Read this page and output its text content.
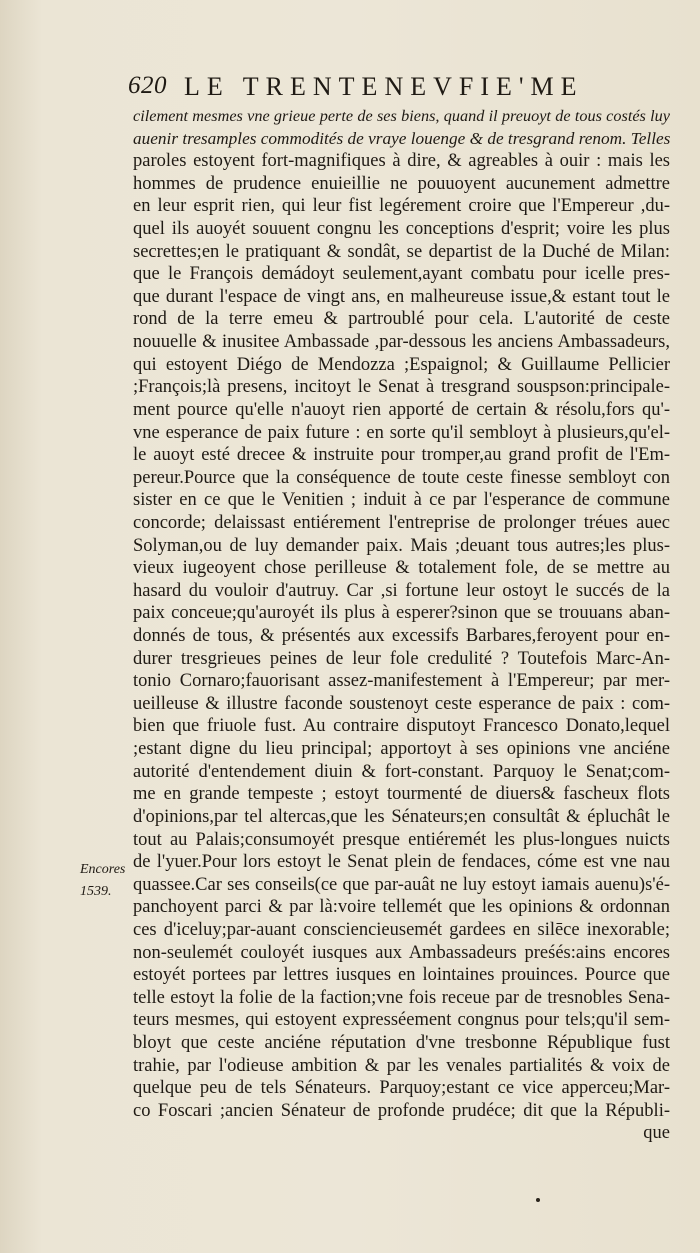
620 LE TRENTENEVFIE'ME
Encores
1539.
cilement mesmes vne grieue perte de ses biens, quand il preuoyt de tous costés luy
auenir tresamples commodités de vraye louenge & de tresgrand renom. Telles
paroles estoyent fort-magnifiques à dire, & agreables à ouir : mais les
hommes de prudence enuieillie ne pouuoyent aucunement admettre
en leur esprit rien, qui leur fist legérement croire que l'Empereur ,du-
quel ils auoyét souuent congnu les conceptions d'esprit; voire les plus
secrettes;en le pratiquant & sondât, se departist de la Duché de Milan:
que le François demádoyt seulement,ayant combatu pour icelle pres-
que durant l'espace de vingt ans, en malheureuse issue,& estant tout le
rond de la terre emeu & partroublé pour cela. L'autorité de ceste
nouuelle & inusitee Ambassade ,par-dessous les anciens Ambassadeurs,
qui estoyent Diégo de Mendozza ;Espaignol; & Guillaume Pellicier
;François;là presens, incitoyt le Senat à tresgrand souspson:principale-
ment pource qu'elle n'auoyt rien apporté de certain & résolu,fors qu'-
vne esperance de paix future : en sorte qu'il sembloyt à plusieurs,qu'el-
le auoyt esté drecee & instruite pour tromper,au grand profit de l'Em-
pereur.Pource que la conséquence de toute ceste finesse sembloyt con
sister en ce que le Venitien ; induit à ce par l'esperance de commune
concorde; delaissast entiérement l'entreprise de prolonger tréues auec
Solyman,ou de luy demander paix. Mais ;deuant tous autres;les plus-
vieux iugeoyent chose perilleuse & totalement fole, de se mettre au
hasard du vouloir d'autruy. Car ,si fortune leur ostoyt le succés de la
paix conceue;qu'auroyét ils plus à esperer?sinon que se trouuans aban-
donnés de tous, & présentés aux excessifs Barbares,feroyent pour en-
durer tresgrieues peines de leur fole credulité ? Toutefois Marc-An-
tonio Cornaro;fauorisant assez-manifestement à l'Empereur; par mer-
ueilleuse & illustre faconde soustenoyt ceste esperance de paix : com-
bien que friuole fust. Au contraire disputoyt Francesco Donato,lequel
;estant digne du lieu principal; apportoyt à ses opinions vne anciéne
autorité d'entendement diuin & fort-constant. Parquoy le Senat;com-
me en grande tempeste ; estoyt tourmenté de diuers& fascheux flots
d'opinions,par tel altercas,que les Sénateurs;en consultât & épluchât le
tout au Palais;consumoyét presque entiéremét les plus-longues nuicts
de l'yuer.Pour lors estoyt le Senat plein de fendaces, cóme est vne nau
quassee.Car ses conseils(ce que par-auât ne luy estoyt iamais auenu)s'é-
panchoyent parci & par là:voire tellemét que les opinions & ordonnan
ces d'iceluy;par-auant consciencieusemét gardees en silēce inexorable;
non-seulemét couloyét iusques aux Ambassadeurs preśés:ains encores
estoyét portees par lettres iusques en lointaines prouinces. Pource que
telle estoyt la folie de la faction;vne fois receue par de tresnobles Sena-
teurs mesmes, qui estoyent expresséement congnus pour tels;qu'il sem-
bloyt que ceste anciéne réputation d'vne tresbonne République fust
trahie, par l'odieuse ambition & par les venales partialités & voix de
quelque peu de tels Sénateurs. Parquoy;estant ce vice apperceu;Mar-
co Foscari ;ancien Sénateur de profonde prudéce; dit que la Républi-
que
